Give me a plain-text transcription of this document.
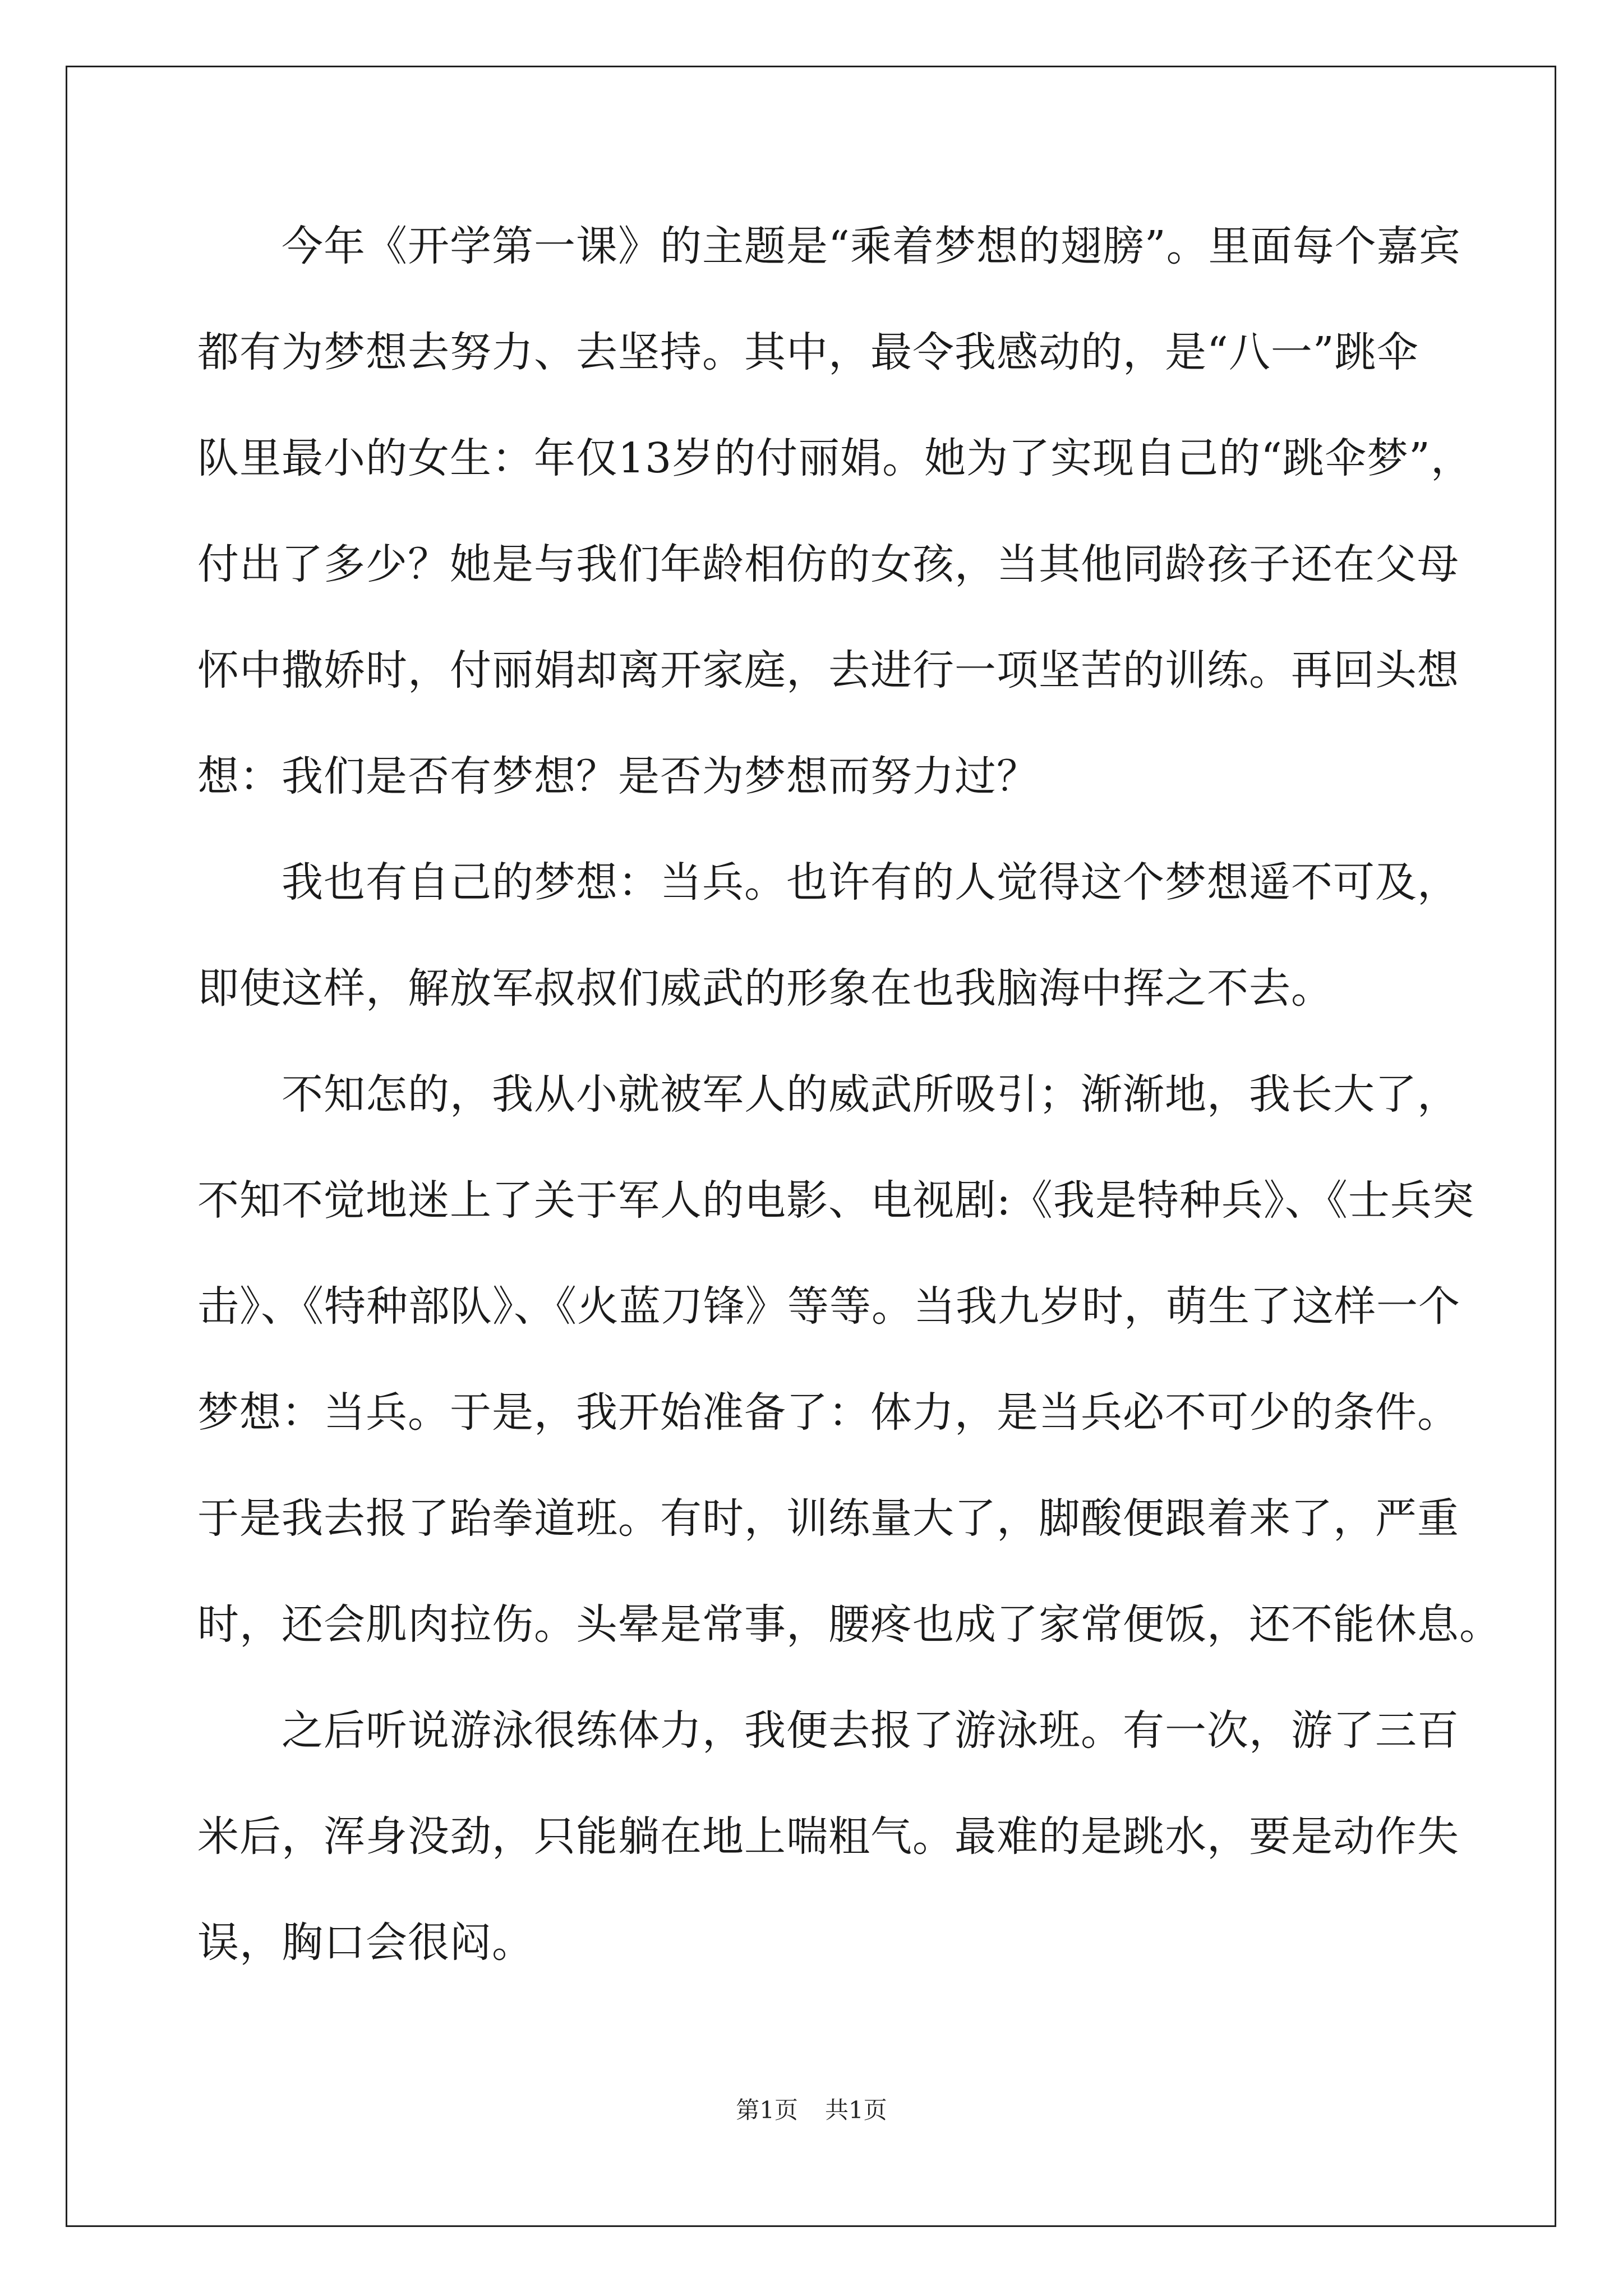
　　今年《开学第一课》的主题是“乘着梦想的翅膀”。里面每个嘉宾
都有为梦想去努力、去坚持。其中，最令我感动的，是“八一”跳伞
队里最小的女生：年仅13岁的付丽娟。她为了实现自己的“跳伞梦”，
付出了多少？她是与我们年龄相仿的女孩，当其他同龄孩子还在父母
怀中撒娇时，付丽娟却离开家庭，去进行一项坚苦的训练。再回头想
想：我们是否有梦想？是否为梦想而努力过？
　　我也有自己的梦想：当兵。也许有的人觉得这个梦想遥不可及，
即使这样，解放军叔叔们威武的形象在也我脑海中挥之不去。
　　不知怎的，我从小就被军人的威武所吸引；渐渐地，我长大了，
不知不觉地迷上了关于军人的电影、电视剧:《我是特种兵》、《士兵突
击》、《特种部队》、《火蓝刀锋》等等。当我九岁时，萌生了这样一个
梦想：当兵。于是，我开始准备了：体力，是当兵必不可少的条件。
于是我去报了跆拳道班。有时，训练量大了，脚酸便跟着来了，严重
时，还会肌肉拉伤。头晕是常事，腰疼也成了家常便饭，还不能休息。
　　之后听说游泳很练体力，我便去报了游泳班。有一次，游了三百
米后，浑身没劲，只能躺在地上喘粗气。最难的是跳水，要是动作失
误，胸口会很闷。
第1页 共1页
